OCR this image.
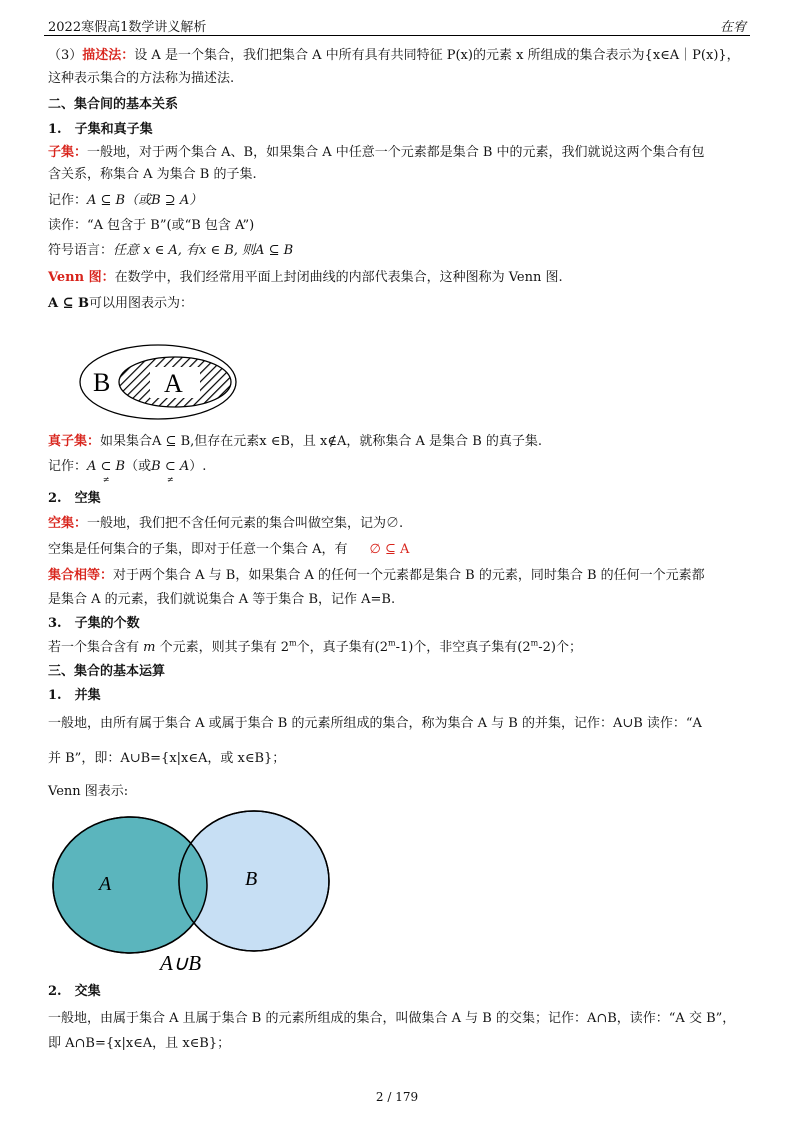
2022寒假高1数学讲义解析	在宥
（3）描述法：设 A 是一个集合，我们把集合 A 中所有具有共同特征 P(x)的元素 x 所组成的集合表示为{x∈A｜P(x)}，
这种表示集合的方法称为描述法.
二、集合间的基本关系
1.　子集和真子集
子集：一般地，对于两个集合 A、B，如果集合 A 中任意一个元素都是集合 B 中的元素，我们就说这两个集合有包
含关系，称集合 A 为集合 B 的子集.
记作：A ⊆ B（或B ⊇ A）
读作：“A 包含于 B”(或“B 包含 A”)
符号语言：任意 x ∈ A, 有x ∈ B, 则A ⊆ B
Venn 图：在数学中，我们经常用平面上封闭曲线的内部代表集合，这种图称为 Venn 图.
A ⊆ B可以用图表示为：
B A
真子集：如果集合A ⊆ B,但存在元素x ∈B，且 x∉A，就称集合 A 是集合 B 的真子集.
记作：A ⊂ B
≠
（或B ⊂ A
≠
）.
2.　空集
空集：一般地，我们把不含任何元素的集合叫做空集，记为∅.
空集是任何集合的子集，即对于任意一个集合 A，有 ∅ ⊆ A
集合相等：对于两个集合 A 与 B，如果集合 A 的任何一个元素都是集合 B 的元素，同时集合 B 的任何一个元素都
是集合 A 的元素，我们就说集合 A 等于集合 B，记作 A=B.
3.　子集的个数
若一个集合含有 m 个元素，则其子集有 2$^m$个，真子集有(2$^m$-1)个，非空真子集有(2$^m$-2)个；
三、集合的基本运算
1.　并集
一般地，由所有属于集合 A 或属于集合 B 的元素所组成的集合，称为集合 A 与 B 的并集，记作：A∪B 读作：“A
并 B”，即：A∪B={x|x∈A，或 x∈B}；
Venn 图表示:
A	B
A∪B
2.　交集
一般地，由属于集合 A 且属于集合 B 的元素所组成的集合，叫做集合 A 与 B 的交集；记作：A∩B，读作：“A 交 B”，
即 A∩B={x|x∈A，且 x∈B}；
2 / 179
